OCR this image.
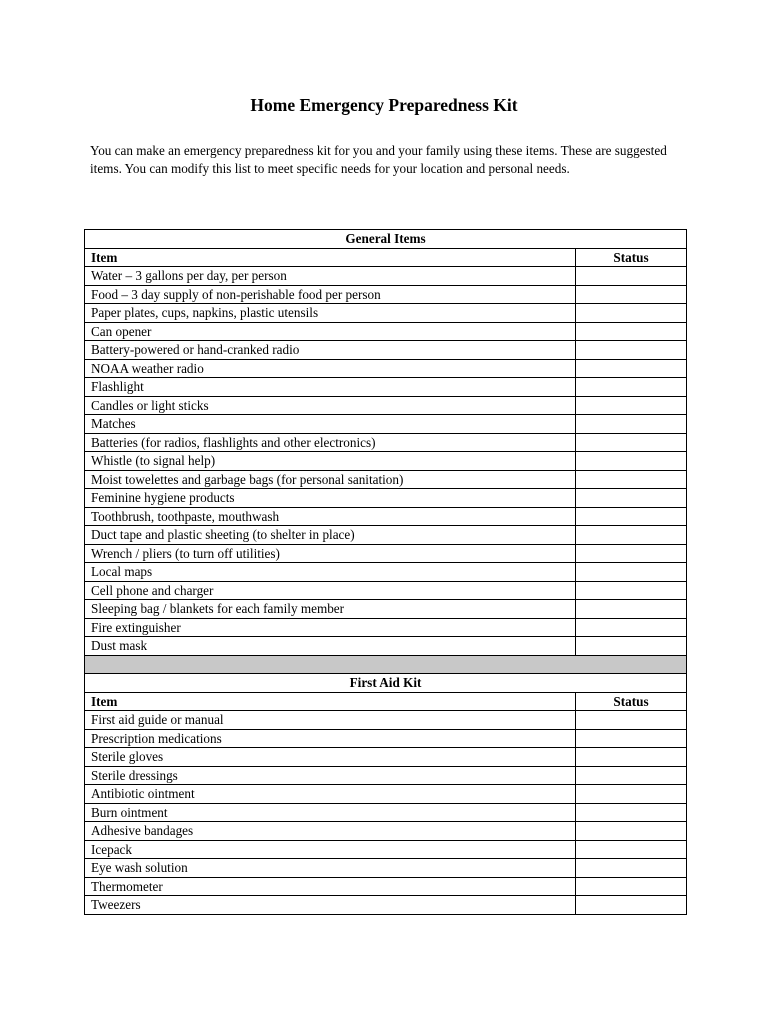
Home Emergency Preparedness Kit
You can make an emergency preparedness kit for you and your family using these items. These are suggested items. You can modify this list to meet specific needs for your location and personal needs.
General Items	
Item	Status
Water – 3 gallons per day, per person	
Food – 3 day supply of non-perishable food per person	
Paper plates, cups, napkins, plastic utensils	
Can opener	
Battery-powered or hand-cranked radio	
NOAA weather radio	
Flashlight	
Candles or light sticks	
Matches	
Batteries (for radios, flashlights and other electronics)	
Whistle (to signal help)	
Moist towelettes and garbage bags (for personal sanitation)	
Feminine hygiene products	
Toothbrush, toothpaste, mouthwash	
Duct tape and plastic sheeting (to shelter in place)	
Wrench / pliers (to turn off utilities)	
Local maps	
Cell phone and charger	
Sleeping bag / blankets for each family member	
Fire extinguisher	
Dust mask	

First Aid Kit	
Item	Status
First aid guide or manual	
Prescription medications	
Sterile gloves	
Sterile dressings	
Antibiotic ointment	
Burn ointment	
Adhesive bandages	
Icepack	
Eye wash solution	
Thermometer	
Tweezers	
